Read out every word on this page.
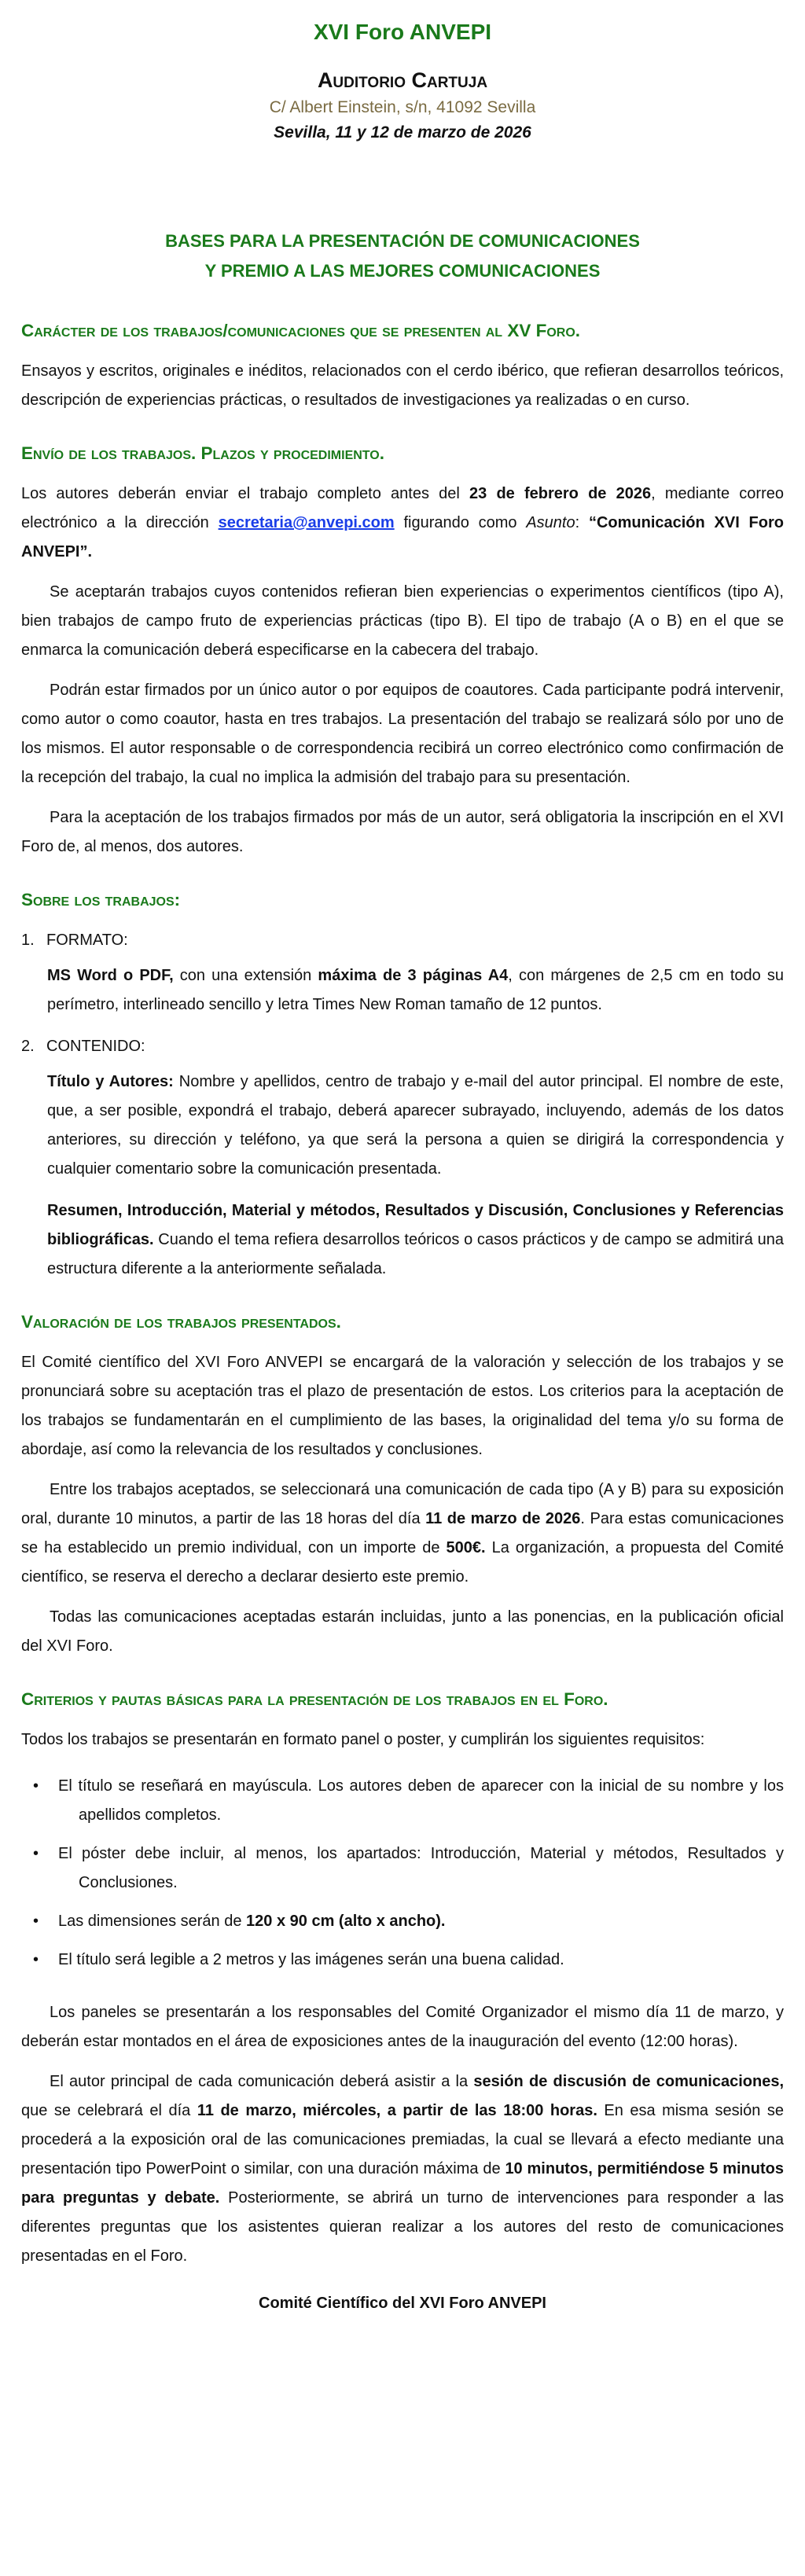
XVI Foro ANVEPI
Auditorio Cartuja
C/ Albert Einstein, s/n, 41092 Sevilla
Sevilla, 11 y 12 de marzo de 2026
BASES PARA LA PRESENTACIÓN DE COMUNICACIONES
Y PREMIO A LAS MEJORES COMUNICACIONES
Carácter de los trabajos/comunicaciones que se presenten al XV Foro.

Ensayos y escritos, originales e inéditos, relacionados con el cerdo ibérico, que refieran desarrollos teóricos, descripción de experiencias prácticas, o resultados de investigaciones ya realizadas o en curso.

Envío de los trabajos. Plazos y procedimiento.

Los autores deberán enviar el trabajo completo antes del 23 de febrero de 2026, mediante correo electrónico a la dirección secretaria@anvepi.com figurando como Asunto: “Comunicación XVI Foro ANVEPI”.

Se aceptarán trabajos cuyos contenidos refieran bien experiencias o experimentos científicos (tipo A), bien trabajos de campo fruto de experiencias prácticas (tipo B). El tipo de trabajo (A o B) en el que se enmarca la comunicación deberá especificarse en la cabecera del trabajo.

Podrán estar firmados por un único autor o por equipos de coautores. Cada participante podrá intervenir, como autor o como coautor, hasta en tres trabajos. La presentación del trabajo se realizará sólo por uno de los mismos. El autor responsable o de correspondencia recibirá un correo electrónico como confirmación de la recepción del trabajo, la cual no implica la admisión del trabajo para su presentación.

Para la aceptación de los trabajos firmados por más de un autor, será obligatoria la inscripción en el XVI Foro de, al menos, dos autores.

Sobre los trabajos:
1. FORMATO:

MS Word o PDF, con una extensión máxima de 3 páginas A4, con márgenes de 2,5 cm en todo su perímetro, interlineado sencillo y letra Times New Roman tamaño de 12 puntos.

2. CONTENIDO:

Título y Autores: Nombre y apellidos, centro de trabajo y e-mail del autor principal. El nombre de este, que, a ser posible, expondrá el trabajo, deberá aparecer subrayado, incluyendo, además de los datos anteriores, su dirección y teléfono, ya que será la persona a quien se dirigirá la correspondencia y cualquier comentario sobre la comunicación presentada.

Resumen, Introducción, Material y métodos, Resultados y Discusión, Conclusiones y Referencias bibliográficas. Cuando el tema refiera desarrollos teóricos o casos prácticos y de campo se admitirá una estructura diferente a la anteriormente señalada.

Valoración de los trabajos presentados.

El Comité científico del XVI Foro ANVEPI se encargará de la valoración y selección de los trabajos y se pronunciará sobre su aceptación tras el plazo de presentación de estos. Los criterios para la aceptación de los trabajos se fundamentarán en el cumplimiento de las bases, la originalidad del tema y/o su forma de abordaje, así como la relevancia de los resultados y conclusiones.

Entre los trabajos aceptados, se seleccionará una comunicación de cada tipo (A y B) para su exposición oral, durante 10 minutos, a partir de las 18 horas del día 11 de marzo de 2026. Para estas comunicaciones se ha establecido un premio individual, con un importe de 500€. La organización, a propuesta del Comité científico, se reserva el derecho a declarar desierto este premio.

Todas las comunicaciones aceptadas estarán incluidas, junto a las ponencias, en la publicación oficial del XVI Foro.

Criterios y pautas básicas para la presentación de los trabajos en el Foro.

Todos los trabajos se presentarán en formato panel o poster, y cumplirán los siguientes requisitos:

• El título se reseñará en mayúscula. Los autores deben de aparecer con la inicial de su nombre y los apellidos completos.
• El póster debe incluir, al menos, los apartados: Introducción, Material y métodos, Resultados y Conclusiones.
• Las dimensiones serán de 120 x 90 cm (alto x ancho).
• El título será legible a 2 metros y las imágenes serán una buena calidad.

Los paneles se presentarán a los responsables del Comité Organizador el mismo día 11 de marzo, y deberán estar montados en el área de exposiciones antes de la inauguración del evento (12:00 horas).

El autor principal de cada comunicación deberá asistir a la sesión de discusión de comunicaciones, que se celebrará el día 11 de marzo, miércoles, a partir de las 18:00 horas. En esa misma sesión se procederá a la exposición oral de las comunicaciones premiadas, la cual se llevará a efecto mediante una presentación tipo PowerPoint o similar, con una duración máxima de 10 minutos, permitiéndose 5 minutos para preguntas y debate. Posteriormente, se abrirá un turno de intervenciones para responder a las diferentes preguntas que los asistentes quieran realizar a los autores del resto de comunicaciones presentadas en el Foro.

Comité Científico del XVI Foro ANVEPI
